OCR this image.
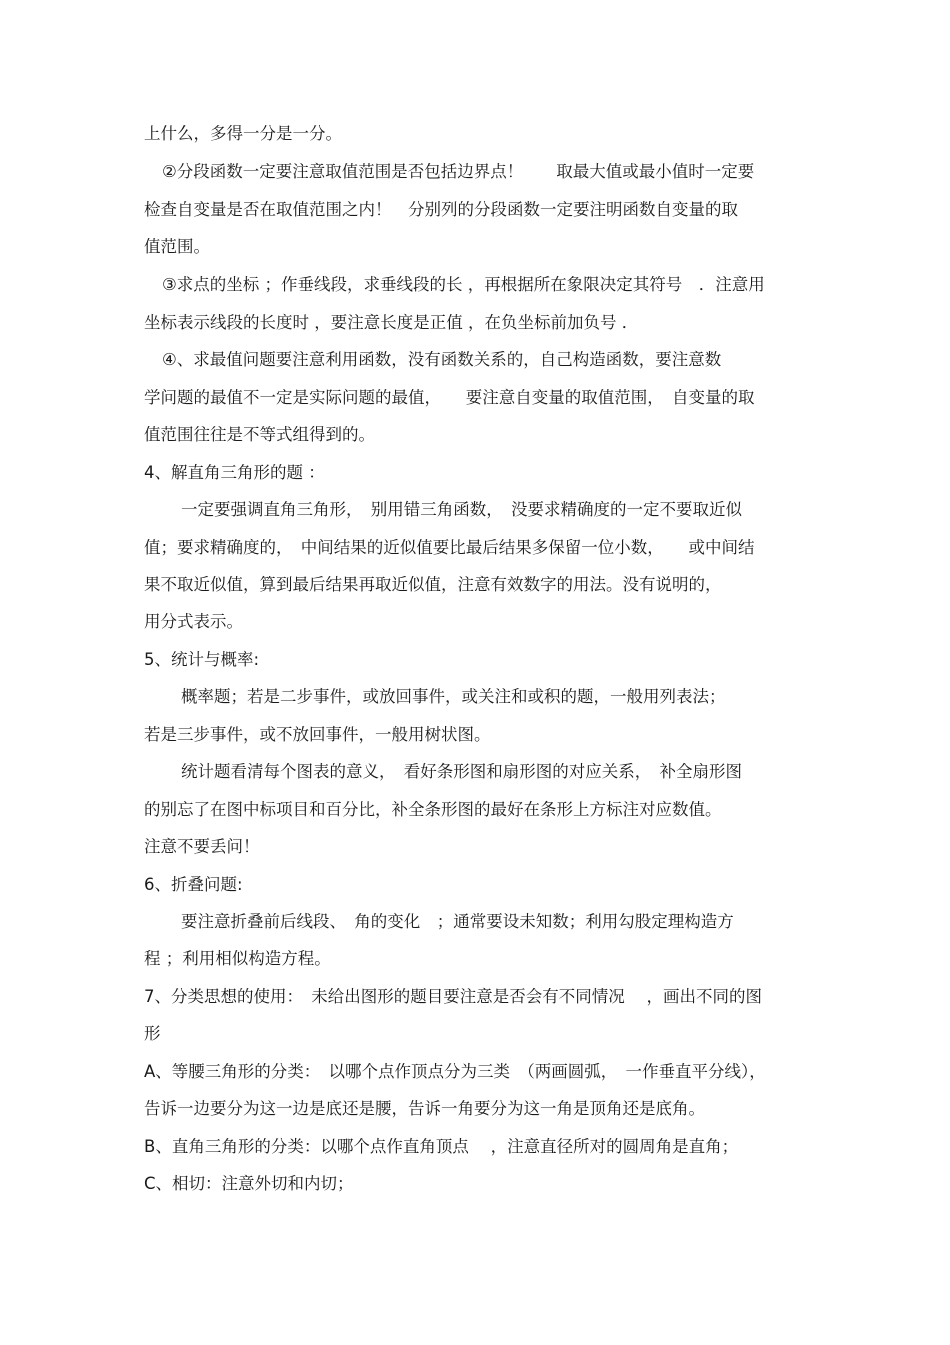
上什么，多得一分是一分。
②分段函数一定要注意取值范围是否包括边界点！　　取最大值或最小值时一定要
检查自变量是否在取值范围之内！　分别列的分段函数一定要注明函数自变量的取
值范围。
③求点的坐标 ；作垂线段，求垂线段的长 ，再根据所在象限决定其符号　．注意用
坐标表示线段的长度时 ，要注意长度是正值 ，在负坐标前加负号 ．
④、求最值问题要注意利用函数，没有函数关系的，自己构造函数，要注意数
学问题的最值不一定是实际问题的最值，　　要注意自变量的取值范围，　自变量的取
值范围往往是不等式组得到的。
4、解直角三角形的题 ：
一定要强调直角三角形，　别用错三角函数，　没要求精确度的一定不要取近似
值；要求精确度的，　中间结果的近似值要比最后结果多保留一位小数，　　或中间结
果不取近似值，算到最后结果再取近似值，注意有效数字的用法。没有说明的，
用分式表示。
5、统计与概率:
概率题；若是二步事件，或放回事件，或关注和或积的题，一般用列表法；
若是三步事件，或不放回事件，一般用树状图。
统计题看清每个图表的意义，　看好条形图和扇形图的对应关系，　补全扇形图
的别忘了在图中标项目和百分比，补全条形图的最好在条形上方标注对应数值。
注意不要丢问！
6、折叠问题:
要注意折叠前后线段、　角的变化　；通常要设未知数；利用勾股定理构造方
程 ；利用相似构造方程。
7、分类思想的使用：　未给出图形的题目要注意是否会有不同情况　 ，画出不同的图
形
A、等腰三角形的分类：　以哪个点作顶点分为三类　（两画圆弧，　一作垂直平分线），
告诉一边要分为这一边是底还是腰，告诉一角要分为这一角是顶角还是底角。
B、直角三角形的分类：以哪个点作直角顶点　 ，注意直径所对的圆周角是直角；
C、相切：注意外切和内切；
